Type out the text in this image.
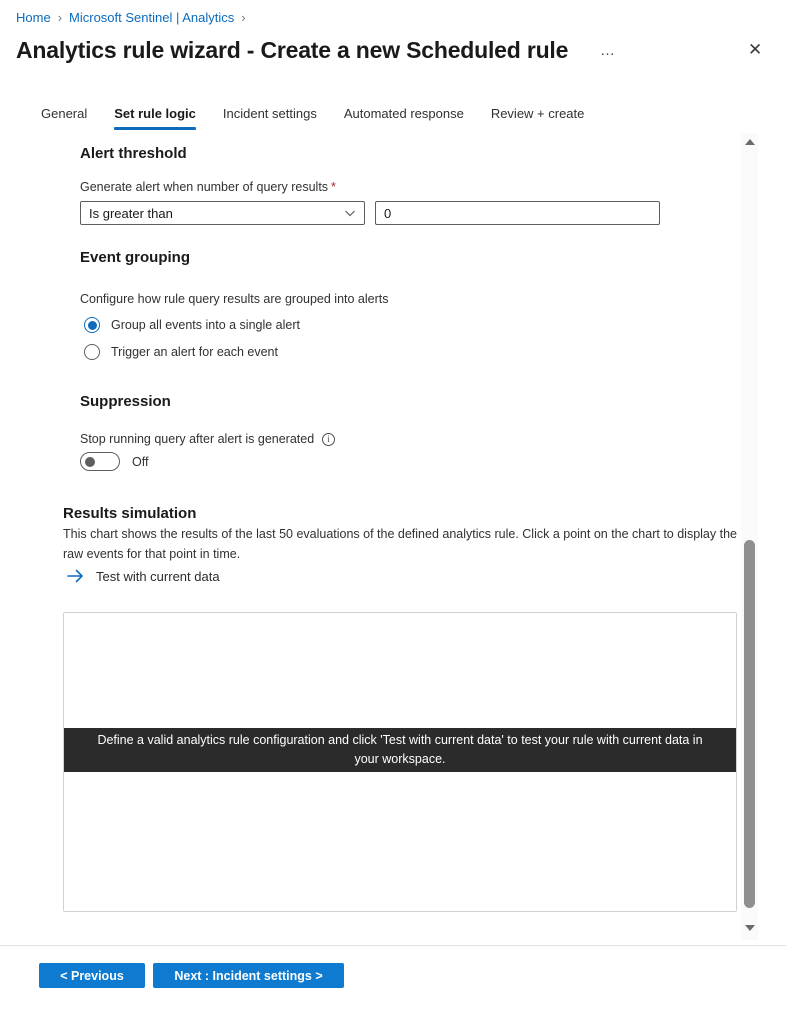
Home › Microsoft Sentinel | Analytics ›
Analytics rule wizard - Create a new Scheduled rule …	✕
General Set rule logic Incident settings Automated response Review + create
Alert threshold
Generate alert when number of query results *
Is greater than
0
Event grouping
Configure how rule query results are grouped into alerts
Group all events into a single alert
Trigger an alert for each event
Suppression
Stop running query after alert is generated
i
Off
Results simulation
This chart shows the results of the last 50 evaluations of the defined analytics rule. Click a point on the chart to display the raw events for that point in time.
Test with current data
Define a valid analytics rule configuration and click 'Test with current data' to test your rule with current data in your workspace.
< Previous	Next : Incident settings >
